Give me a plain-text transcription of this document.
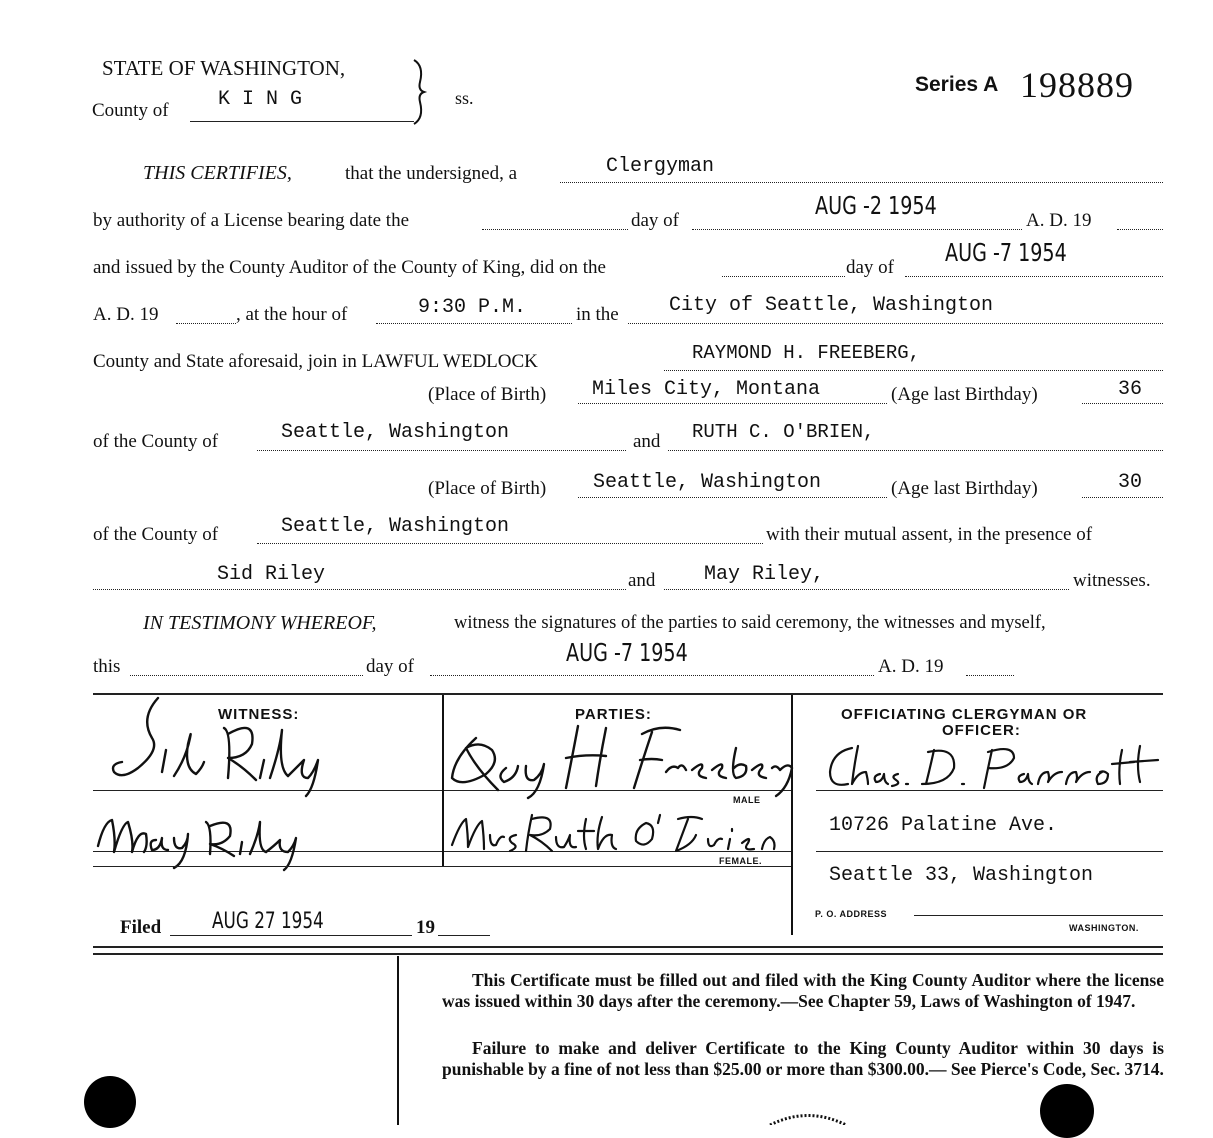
STATE OF WASHINGTON,
County of K I N G	ss.
Series A 198889
THIS CERTIFIES,	that the undersigned, a	Clergyman
by authority of a License bearing date the	day of
AUG -2 1954
A. D. 19
and issued by the County Auditor of the County of King, did on the	day of
AUG -7 1954
A. D. 19	, at the hour of	9:30 P.M.	in the	City of Seattle, Washington
County and State aforesaid, join in LAWFUL WEDLOCK	RAYMOND H. FREEBERG,
(Place of Birth) Miles City, Montana	(Age last Birthday)	36
of the County of	Seattle, Washington	and RUTH C. O'BRIEN,
(Place of Birth) Seattle, Washington	(Age last Birthday)	30
of the County of	Seattle, Washington	with their mutual assent, in the presence of
Sid Riley	and May Riley,	witnesses.
IN TESTIMONY WHEREOF,	witness the signatures of the parties to said ceremony, the witnesses and myself,
this	day of	AUG -7 1954	A. D. 19
WITNESS:	PARTIES:	OFFICIATING CLERGYMAN OR
OFFICER:
MALE
FEMALE.
10726 Palatine Ave.
Seattle 33, Washington
P. O. ADDRESS
WASHINGTON.
Filed AUG 27 1954	19
This Certificate must be filled out and filed with the King County Auditor where the license was issued within 30 days after the ceremony.—See Chapter 59, Laws of Washington of 1947.
Failure to make and deliver Certificate to the King County Auditor within 30 days is punishable by a fine of not less than $25.00 or more than $300.00.— See Pierce's Code, Sec. 3714.
